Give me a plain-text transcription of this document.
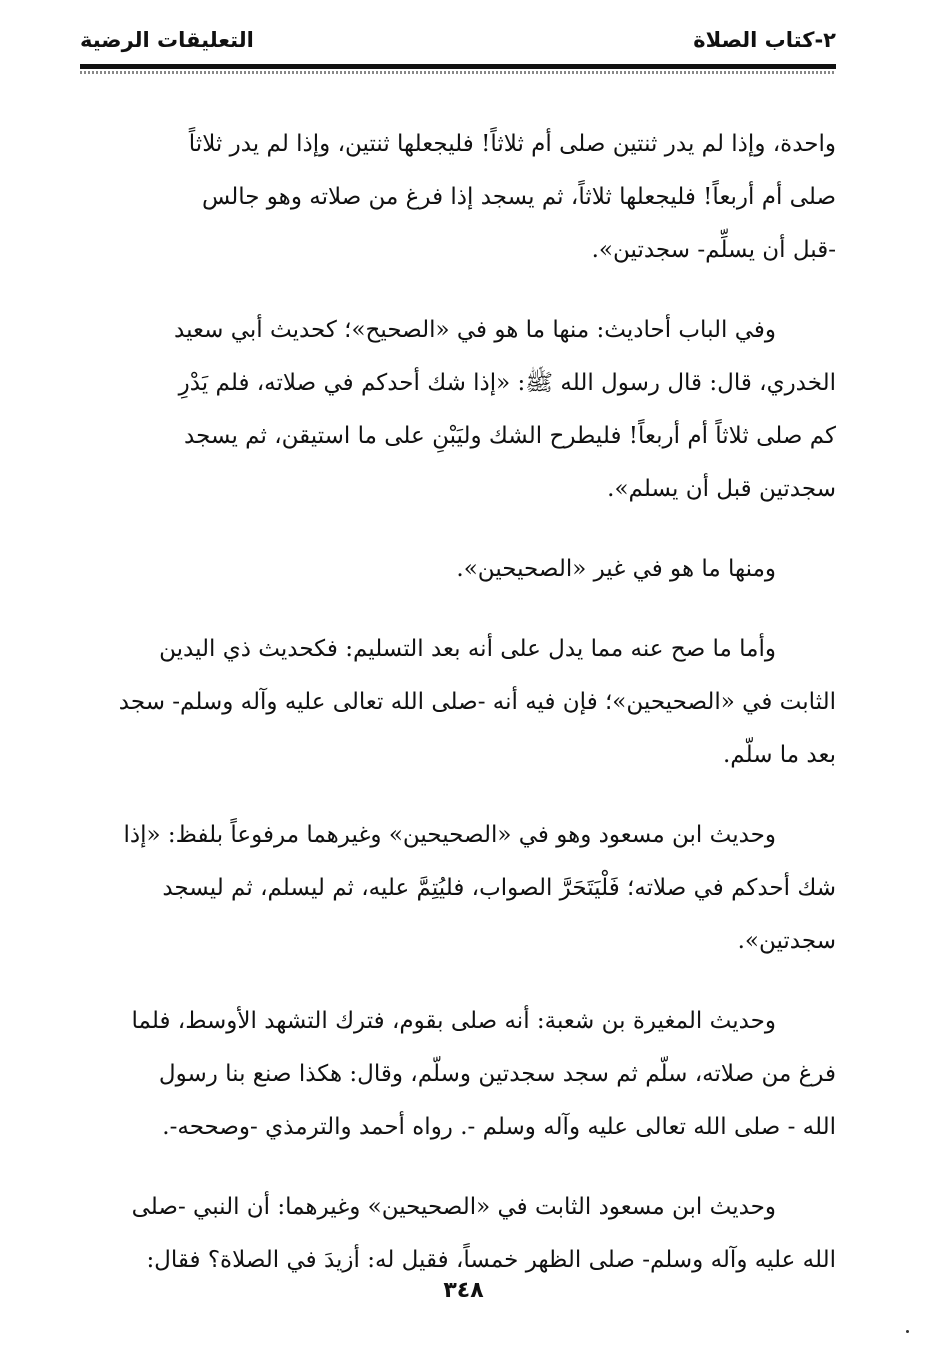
٢-كتاب الصلاة
التعليقات الرضية

واحدة، وإذا لم يدر ثنتين صلى أم ثلاثاً! فليجعلها ثنتين، وإذا لم يدر ثلاثاً
صلى أم أربعاً! فليجعلها ثلاثاً، ثم يسجد إذا فرغ من صلاته وهو جالس
-قبل أن يسلِّم- سجدتين».

وفي الباب أحاديث: منها ما هو في «الصحيح»؛ كحديث أبي سعيد
الخدري، قال: قال رسول الله ﷺ: «إذا شك أحدكم في صلاته، فلم يَدْرِ
كم صلى ثلاثاً أم أربعاً! فليطرح الشك وليَبْنِ على ما استيقن، ثم يسجد
سجدتين قبل أن يسلم».

ومنها ما هو في غير «الصحيحين».

وأما ما صح عنه مما يدل على أنه بعد التسليم: فكحديث ذي اليدين
الثابت في «الصحيحين»؛ فإن فيه أنه -صلى الله تعالى عليه وآله وسلم- سجد
بعد ما سلّم.

وحديث ابن مسعود وهو في «الصحيحين» وغيرهما مرفوعاً بلفظ: «إذا
شك أحدكم في صلاته؛ فَلْيَتَحَرَّ الصواب، فليُتِمَّ عليه، ثم ليسلم، ثم ليسجد
سجدتين».

وحديث المغيرة بن شعبة: أنه صلى بقوم، فترك التشهد الأوسط، فلما
فرغ من صلاته، سلّم ثم سجد سجدتين وسلّم، وقال: هكذا صنع بنا رسول
الله - صلى الله تعالى عليه وآله وسلم -. رواه أحمد والترمذي -وصححه-.

وحديث ابن مسعود الثابت في «الصحيحين» وغيرهما: أن النبي -صلى
الله عليه وآله وسلم- صلى الظهر خمساً، فقيل له: أزيدَ في الصلاة؟ فقال:

٣٤٨
